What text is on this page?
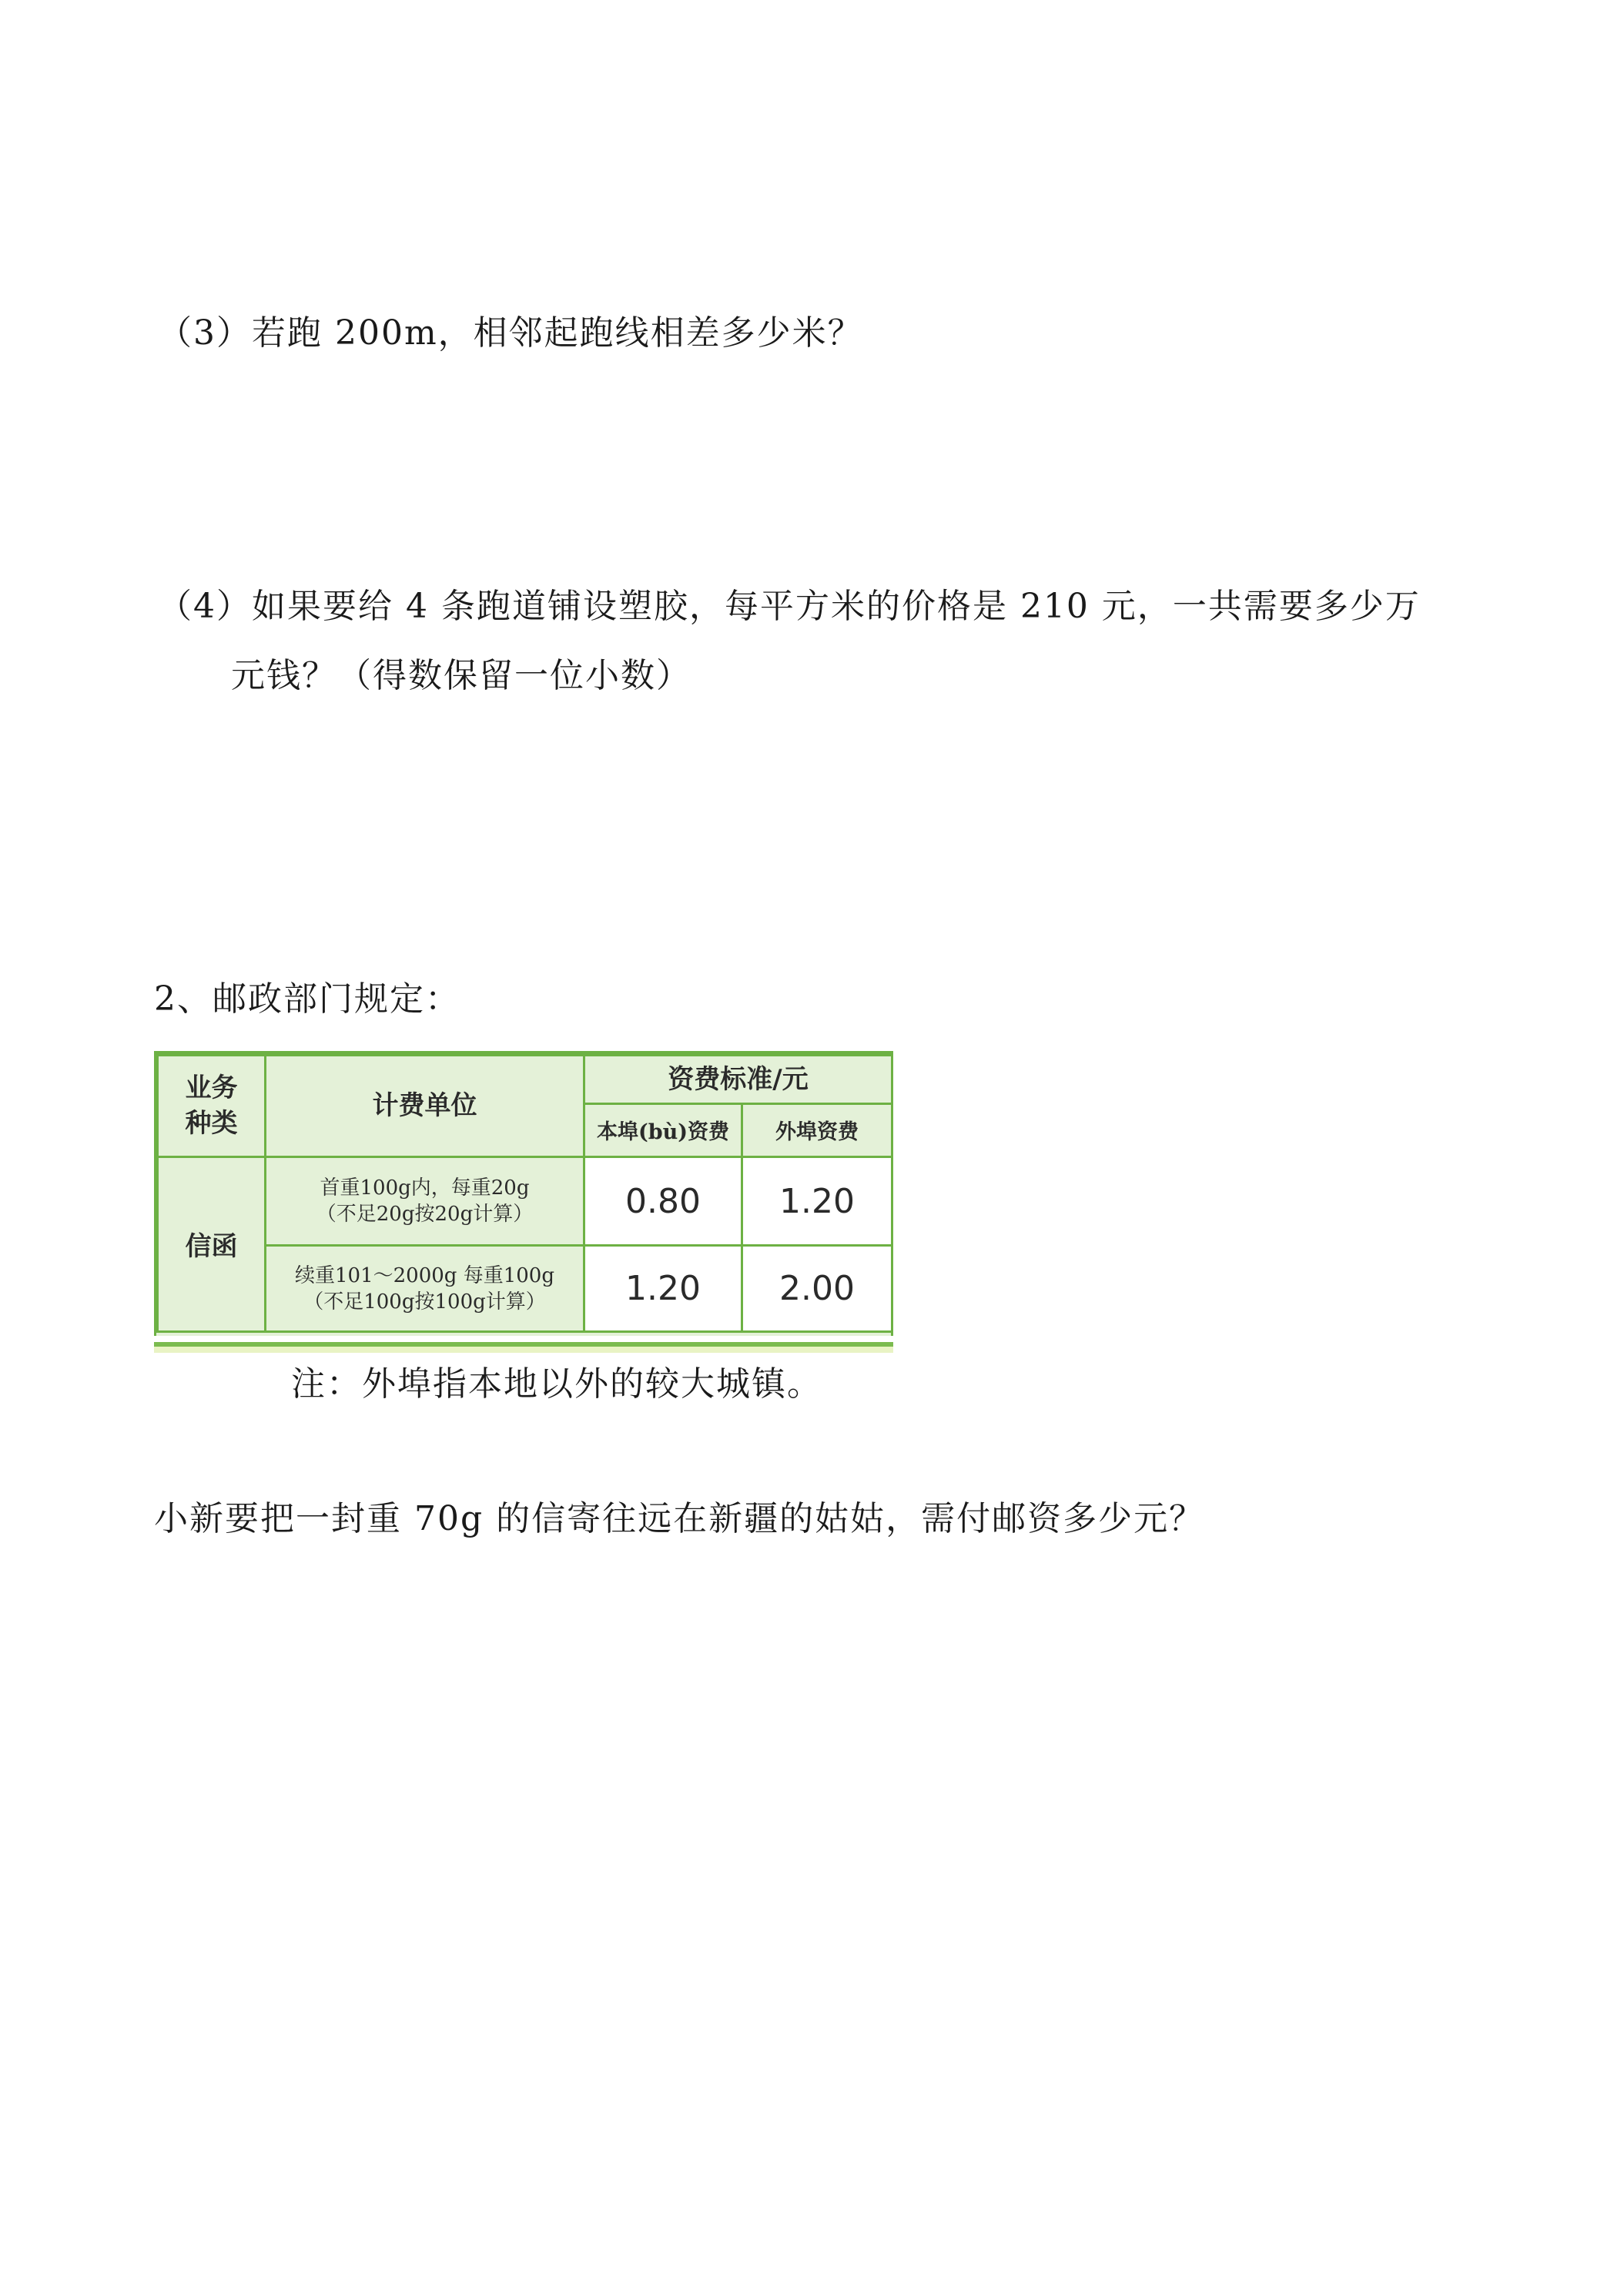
（3）若跑 200m，相邻起跑线相差多少米？
（4）如果要给 4 条跑道铺设塑胶，每平方米的价格是 210 元，一共需要多少万
元钱？（得数保留一位小数）
2、邮政部门规定：
业务
种类	计费单位	资费标准/元	
		本埠(bù)资费	外埠资费
信函	首重100g内，每重20g
（不足20g按20g计算）	0.80	1.20

	续重101～2000g 每重100g
（不足100g按100g计算）	1.20	2.00
注：外埠指本地以外的较大城镇。
小新要把一封重 70g 的信寄往远在新疆的姑姑，需付邮资多少元？
